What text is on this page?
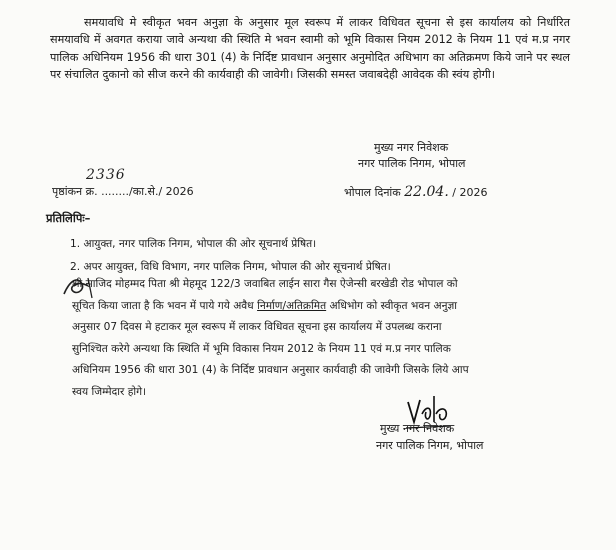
समयावधि मे स्वीकृत भवन अनुज्ञा के अनुसार मूल स्वरूप में लाकर विधिवत सूचना से इस कार्यालय को निर्धारित समयावधि में अवगत कराया जावे अन्यथा की स्थिति मे भवन स्वामी को भूमि विकास नियम 2012 के नियम 11 एवं म.प्र नगर पालिक अधिनियम 1956 की धारा 301 (4) के निर्दिष्ट प्रावधान अनुसार अनुमोदित अधिभाग का अतिक्रमण किये जाने पर स्थल पर संचालित दुकानो को सीज करने की कार्यवाही की जावेगी। जिसकी समस्त जवाबदेही आवेदक की स्वंय होगी।
मुख्य नगर निवेशक
नगर पालिक निगम, भोपाल
2336
पृष्ठांकन क्र. ......../का.से./ 2026	भोपाल दिनांक 22.04. / 2026
प्रतिलिपिः–
1. आयुक्त, नगर पालिक निगम, भोपाल की ओर सूचनार्थ प्रेषित।
2. अपर आयुक्त, विधि विभाग, नगर पालिक निगम, भोपाल की ओर सूचनार्थ प्रेषित।
श्री साजिद मोहम्मद पिता श्री मेहमूद 122/3 जवाबित लाईन सारा गैस ऐजेन्सी बरखेडी रोड भोपाल को
सूचित किया जाता है कि भवन में पाये गये अवैध निर्माण/अतिक्रमित अधिभोग को स्वीकृत भवन अनुज्ञा
अनुसार 07 दिवस मे हटाकर मूल स्वरूप में लाकर विधिवत सूचना इस कार्यालय में उपलब्ध कराना
सुनिश्चित करेगे अन्यथा कि स्थिति में भूमि विकास नियम 2012 के नियम 11 एवं म.प्र नगर पालिक
अधिनियम 1956 की धारा 301 (4) के निर्दिष्ट प्रावधान अनुसार कार्यवाही की जावेगी जिसके लिये आप
स्वय जिम्मेदार होगे।
मुख्य नगर निवेशक
नगर पालिक निगम, भोपाल
